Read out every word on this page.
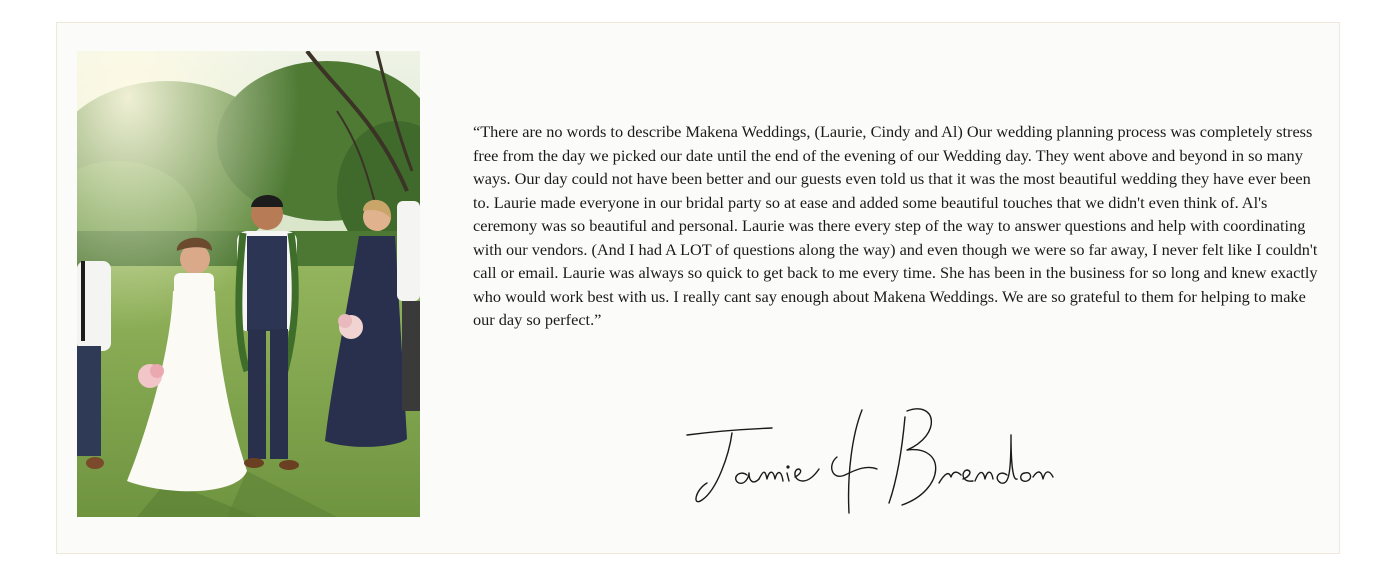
“There are no words to describe Makena Weddings, (Laurie, Cindy and Al) Our wedding planning process was completely stress free from the day we picked our date until the end of the evening of our Wedding day. They went above and beyond in so many ways. Our day could not have been better and our guests even told us that it was the most beautiful wedding they have ever been to. Laurie made everyone in our bridal party so at ease and added some beautiful touches that we didn't even think of. Al's ceremony was so beautiful and personal. Laurie was there every step of the way to answer questions and help with coordinating with our vendors. (And I had A LOT of questions along the way) and even though we were so far away, I never felt like I couldn't call or email. Laurie was always so quick to get back to me every time. She has been in the business for so long and knew exactly who would work best with us. I really cant say enough about Makena Weddings. We are so grateful to them for helping to make our day so perfect.”
